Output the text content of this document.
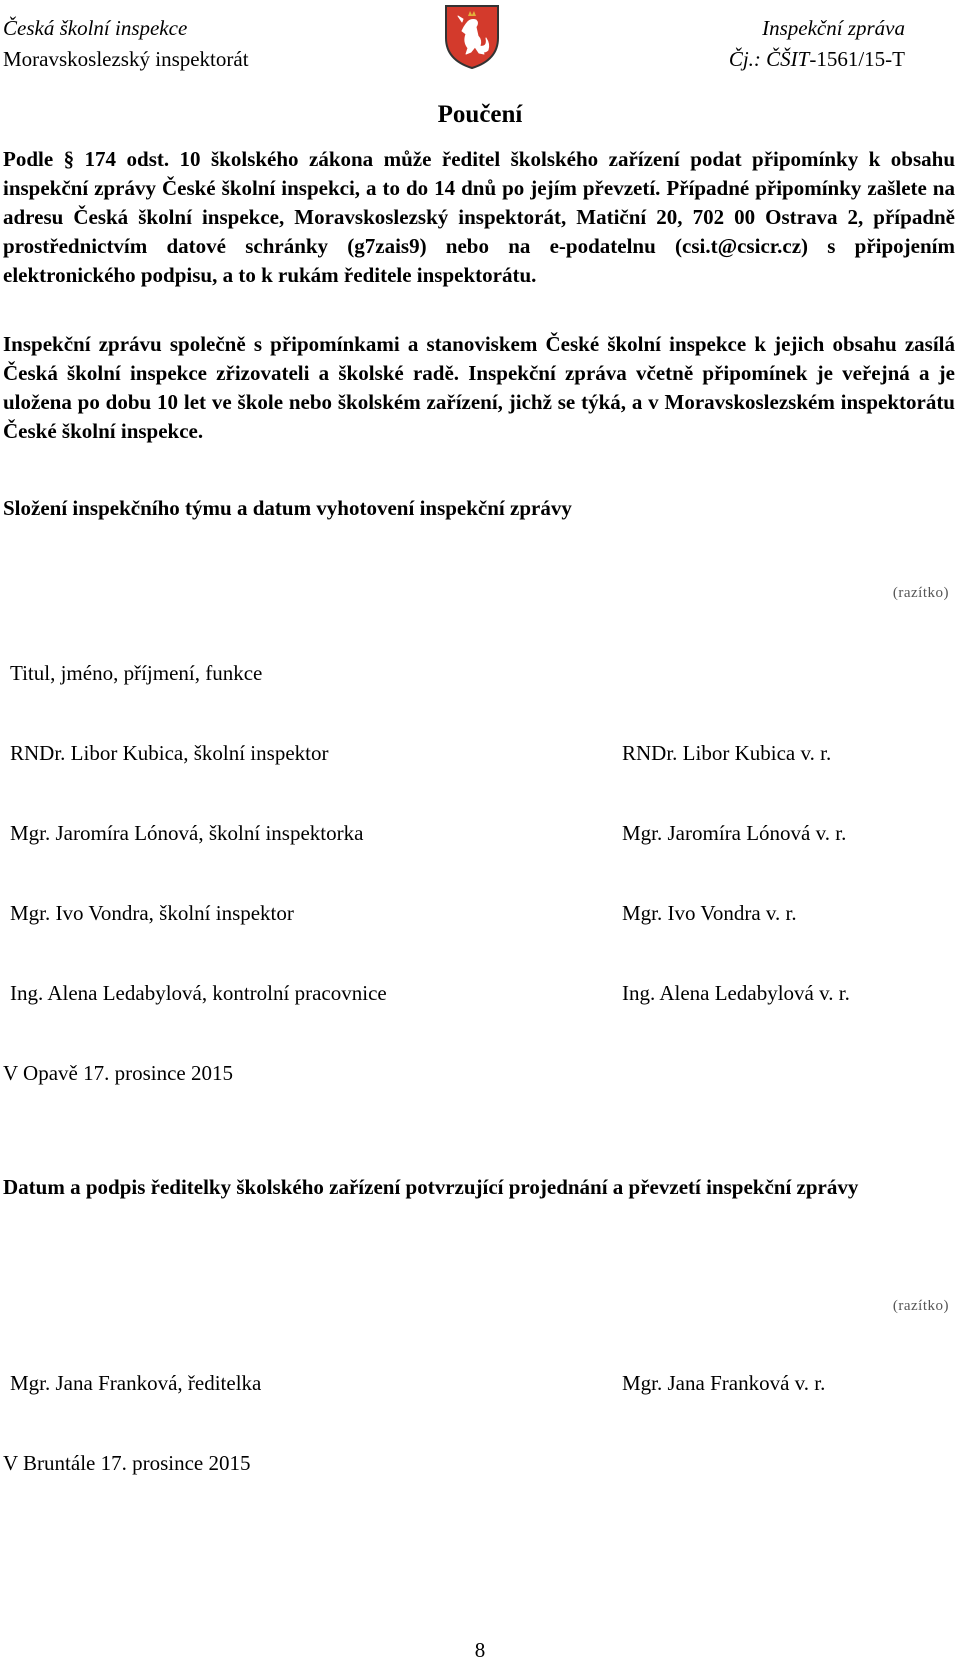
Česká školní inspekce
Moravskoslezský inspektorát
Inspekční zpráva
Čj.: ČŠIT-1561/15-T
Poučení
Podle § 174 odst. 10 školského zákona může ředitel školského zařízení podat připomínky k obsahu inspekční zprávy České školní inspekci, a to do 14 dnů po jejím převzetí. Případné připomínky zašlete na adresu Česká školní inspekce, Moravskoslezský inspektorát, Matiční 20, 702 00 Ostrava 2, případně prostřednictvím datové schránky (g7zais9) nebo na e-podatelnu (csi.t@csicr.cz) s připojením elektronického podpisu, a to k rukám ředitele inspektorátu.
Inspekční zprávu společně s připomínkami a stanoviskem České školní inspekce k jejich obsahu zasílá Česká školní inspekce zřizovateli a školské radě. Inspekční zpráva včetně připomínek je veřejná a je uložena po dobu 10 let ve škole nebo školském zařízení, jichž se týká, a v Moravskoslezském inspektorátu České školní inspekce.
Složení inspekčního týmu a datum vyhotovení inspekční zprávy
(razítko)
Titul, jméno, příjmení, funkce
RNDr. Libor Kubica, školní inspektor	RNDr. Libor Kubica v. r.
Mgr. Jaromíra Lónová, školní inspektorka	Mgr. Jaromíra Lónová v. r.
Mgr. Ivo Vondra, školní inspektor	Mgr. Ivo Vondra v. r.
Ing. Alena Ledabylová, kontrolní pracovnice	Ing. Alena Ledabylová v. r.
V Opavě 17. prosince 2015
Datum a podpis ředitelky školského zařízení potvrzující projednání a převzetí inspekční zprávy
(razítko)
Mgr. Jana Franková, ředitelka	Mgr. Jana Franková v. r.
V Bruntále 17. prosince 2015
8
